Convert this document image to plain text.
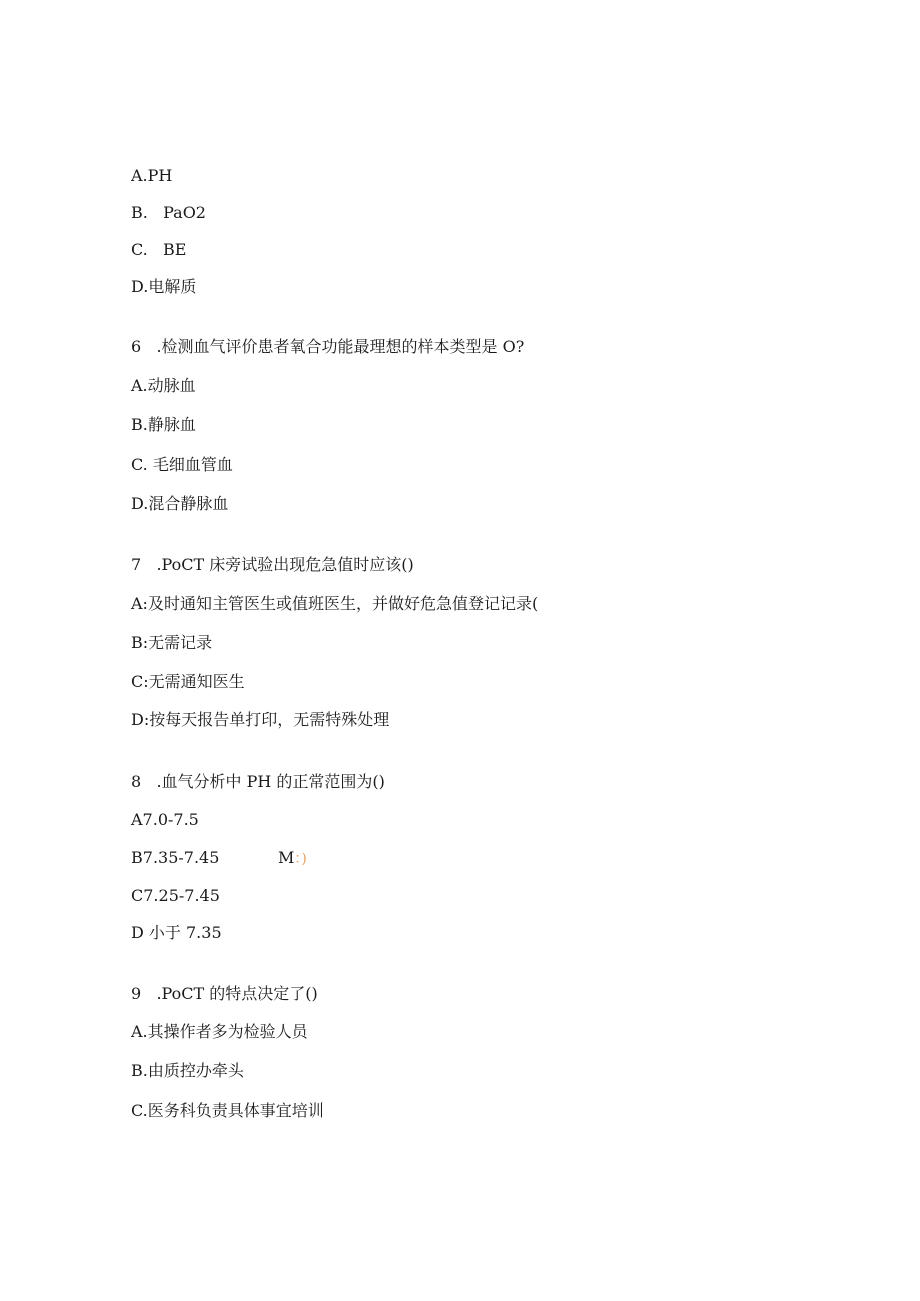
A.PH
B.   PaO2
C.   BE
D.电解质
6   .检测血气评价患者氧合功能最理想的样本类型是 O?
A.动脉血
B.静脉血
C. 毛细血管血
D.混合静脉血
7   .PoCT 床旁试验出现危急值时应该()
A:及时通知主管医生或值班医生，并做好危急值登记记录(
B:无需记录
C:无需通知医生
D:按每天报告单打印，无需特殊处理
8   .血气分析中 PH 的正常范围为()
A7.0-7.5
B7.35-7.45	M：)
C7.25-7.45
D 小于 7.35
9   .PoCT 的特点决定了()
A.其操作者多为检验人员
B.由质控办牵头
C.医务科负责具体事宜培训
